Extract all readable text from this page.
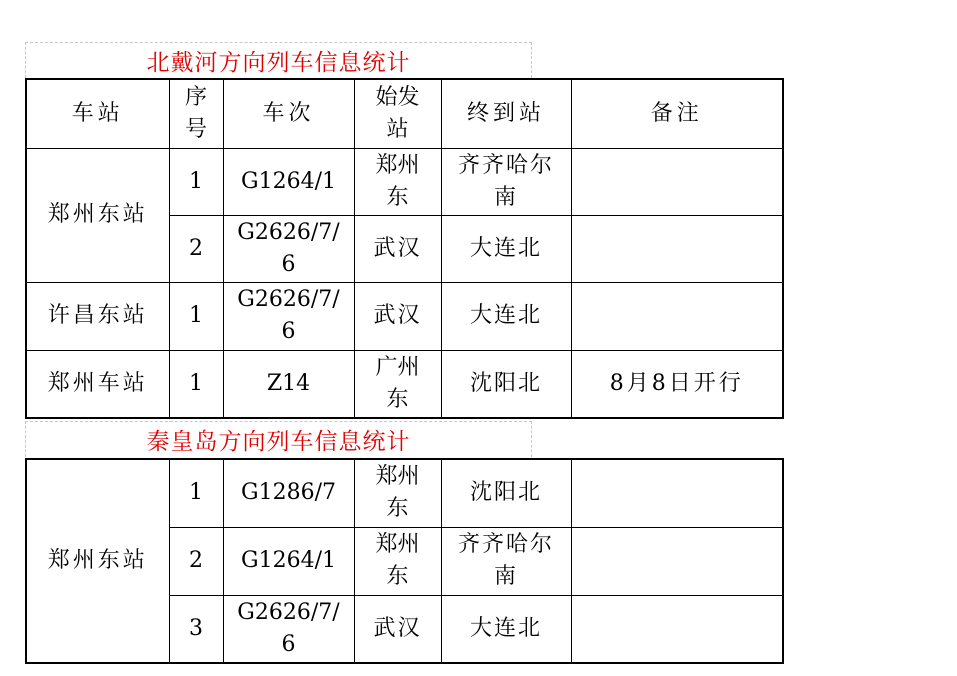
北戴河方向列车信息统计
车站	序号	车次	始发站	终到站	备注
郑州东站	1	G1264/1	郑州东	齐齐哈尔南	
	2	G2626/7/6	武汉	大连北	
许昌东站	1	G2626/7/6	武汉	大连北	
郑州车站	1	Z14	广州东	沈阳北	8月8日开行
秦皇岛方向列车信息统计
郑州东站	1	G1286/7	郑州东	沈阳北	
	2	G1264/1	郑州东	齐齐哈尔南	
	3	G2626/7/6	武汉	大连北	
